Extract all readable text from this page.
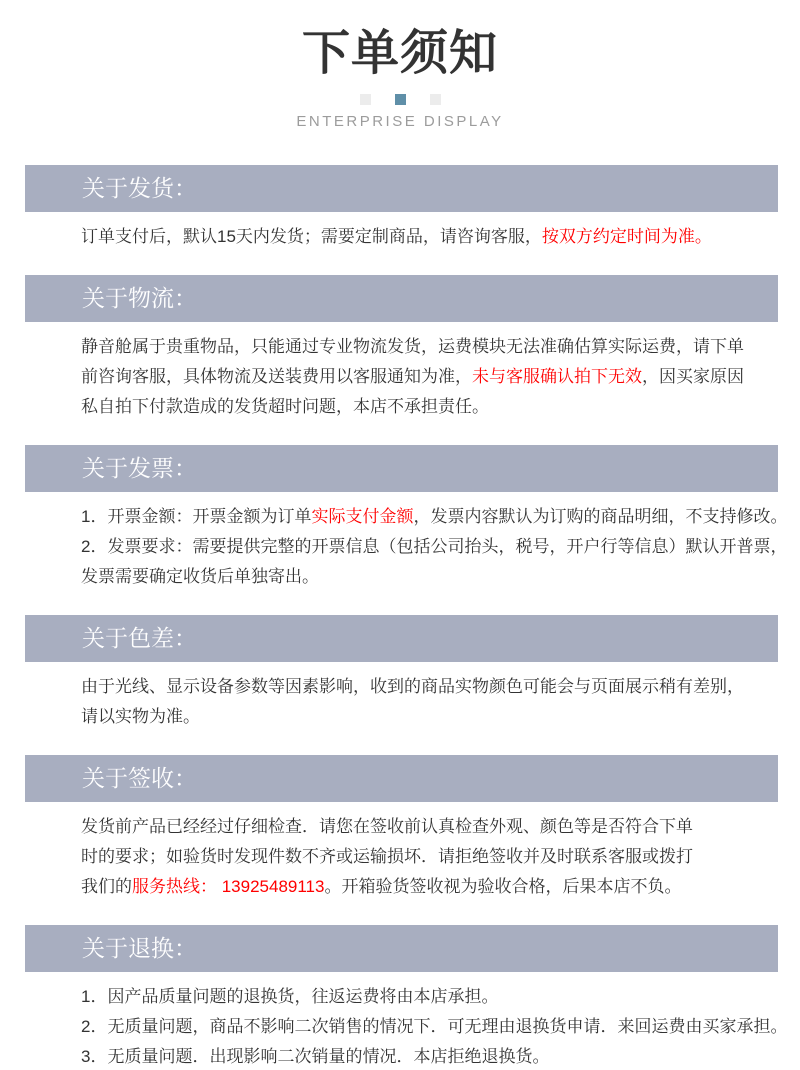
下单须知
ENTERPRISE DISPLAY
关于发货：
订单支付后，默认15天内发货；需要定制商品，请咨询客服，按双方约定时间为准。
关于物流：
静音舱属于贵重物品，只能通过专业物流发货，运费模块无法准确估算实际运费，请下单
前咨询客服，具体物流及送装费用以客服通知为准，未与客服确认拍下无效，因买家原因
私自拍下付款造成的发货超时问题，本店不承担责任。
关于发票：
1．开票金额：开票金额为订单实际支付金额，发票内容默认为订购的商品明细，不支持修改。
2．发票要求：需要提供完整的开票信息（包括公司抬头，税号，开户行等信息）默认开普票，
发票需要确定收货后单独寄出。
关于色差：
由于光线、显示设备参数等因素影响，收到的商品实物颜色可能会与页面展示稍有差别，
请以实物为准。
关于签收：
发货前产品已经经过仔细检查．请您在签收前认真检查外观、颜色等是否符合下单
时的要求；如验货时发现件数不齐或运输损坏．请拒绝签收并及时联系客服或拨打
我们的服务热线： 13925489113。开箱验货签收视为验收合格，后果本店不负。
关于退换：
1．因产品质量问题的退换货，往返运费将由本店承担。
2．无质量问题，商品不影响二次销售的情况下．可无理由退换货申请．来回运费由买家承担。
3．无质量问题．出现影响二次销量的情况．本店拒绝退换货。
